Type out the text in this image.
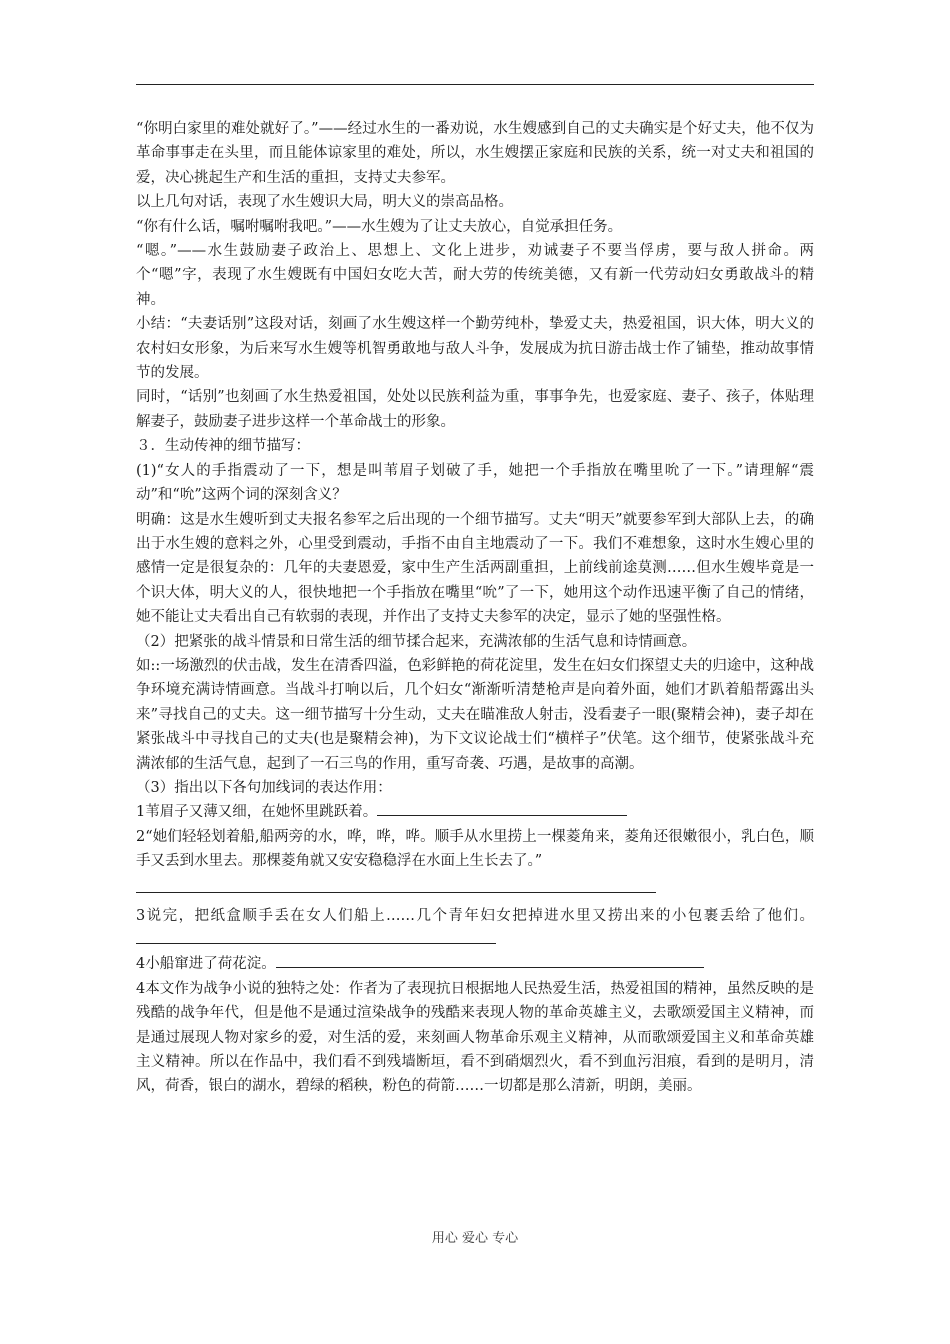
“你明白家里的难处就好了。”——经过水生的一番劝说，水生嫂感到自己的丈夫确实是个好丈夫，他不仅为革命事事走在头里，而且能体谅家里的难处，所以，水生嫂摆正家庭和民族的关系，统一对丈夫和祖国的爱，决心挑起生产和生活的重担，支持丈夫参军。

以上几句对话，表现了水生嫂识大局，明大义的崇高品格。

“你有什么话，嘱咐嘱咐我吧。”——水生嫂为了让丈夫放心，自觉承担任务。

“嗯。”——水生鼓励妻子政治上、思想上、文化上进步，劝诫妻子不要当俘虏，要与敌人拼命。两个“嗯”字，表现了水生嫂既有中国妇女吃大苦，耐大劳的传统美德，又有新一代劳动妇女勇敢战斗的精神。

小结：“夫妻话别”这段对话，刻画了水生嫂这样一个勤劳纯朴，挚爱丈夫，热爱祖国，识大体，明大义的农村妇女形象，为后来写水生嫂等机智勇敢地与敌人斗争，发展成为抗日游击战士作了铺垫，推动故事情节的发展。

同时，“话别”也刻画了水生热爱祖国，处处以民族利益为重，事事争先，也爱家庭、妻子、孩子，体贴理解妻子，鼓励妻子进步这样一个革命战士的形象。

３．生动传神的细节描写：

(1)“女人的手指震动了一下，想是叫苇眉子划破了手，她把一个手指放在嘴里吮了一下。”请理解“震动”和“吮”这两个词的深刻含义？

明确：这是水生嫂听到丈夫报名参军之后出现的一个细节描写。丈夫“明天”就要参军到大部队上去，的确出于水生嫂的意料之外，心里受到震动，手指不由自主地震动了一下。我们不难想象，这时水生嫂心里的感情一定是很复杂的：几年的夫妻恩爱，家中生产生活两副重担，上前线前途莫测……但水生嫂毕竟是一个识大体，明大义的人，很快地把一个手指放在嘴里“吮”了一下，她用这个动作迅速平衡了自己的情绪，她不能让丈夫看出自己有软弱的表现，并作出了支持丈夫参军的决定，显示了她的坚强性格。

（2）把紧张的战斗情景和日常生活的细节揉合起来，充满浓郁的生活气息和诗情画意。

如::一场激烈的伏击战，发生在清香四溢，色彩鲜艳的荷花淀里，发生在妇女们探望丈夫的归途中，这种战争环境充满诗情画意。当战斗打响以后，几个妇女“渐渐听清楚枪声是向着外面，她们才趴着船帮露出头来”寻找自己的丈夫。这一细节描写十分生动，丈夫在瞄准敌人射击，没看妻子一眼(聚精会神)，妻子却在紧张战斗中寻找自己的丈夫(也是聚精会神)，为下文议论战士们“横样子”伏笔。这个细节，使紧张战斗充满浓郁的生活气息，起到了一石三鸟的作用，重写奇袭、巧遇，是故事的高潮。

（3）指出以下各句加线词的表达作用：

1苇眉子又薄又细，在她怀里跳跃着。

2“她们轻轻划着船,船两旁的水，哗，哗，哗。顺手从水里捞上一棵菱角来，菱角还很嫩很小，乳白色，顺手又丢到水里去。那棵菱角就又安安稳稳浮在水面上生长去了。”

3说完，把纸盒顺手丢在女人们船上……几个青年妇女把掉进水里又捞出来的小包裹丢给了他们。

4小船窜进了荷花淀。

4本文作为战争小说的独特之处：作者为了表现抗日根据地人民热爱生活，热爱祖国的精神，虽然反映的是残酷的战争年代，但是他不是通过渲染战争的残酷来表现人物的革命英雄主义，去歌颂爱国主义精神，而是通过展现人物对家乡的爱，对生活的爱，来刻画人物革命乐观主义精神，从而歌颂爱国主义和革命英雄主义精神。所以在作品中，我们看不到残墙断垣，看不到硝烟烈火，看不到血污泪痕，看到的是明月，清风，荷香，银白的湖水，碧绿的稻秧，粉色的荷箭……一切都是那么清新，明朗，美丽。

用心 爱心 专心
